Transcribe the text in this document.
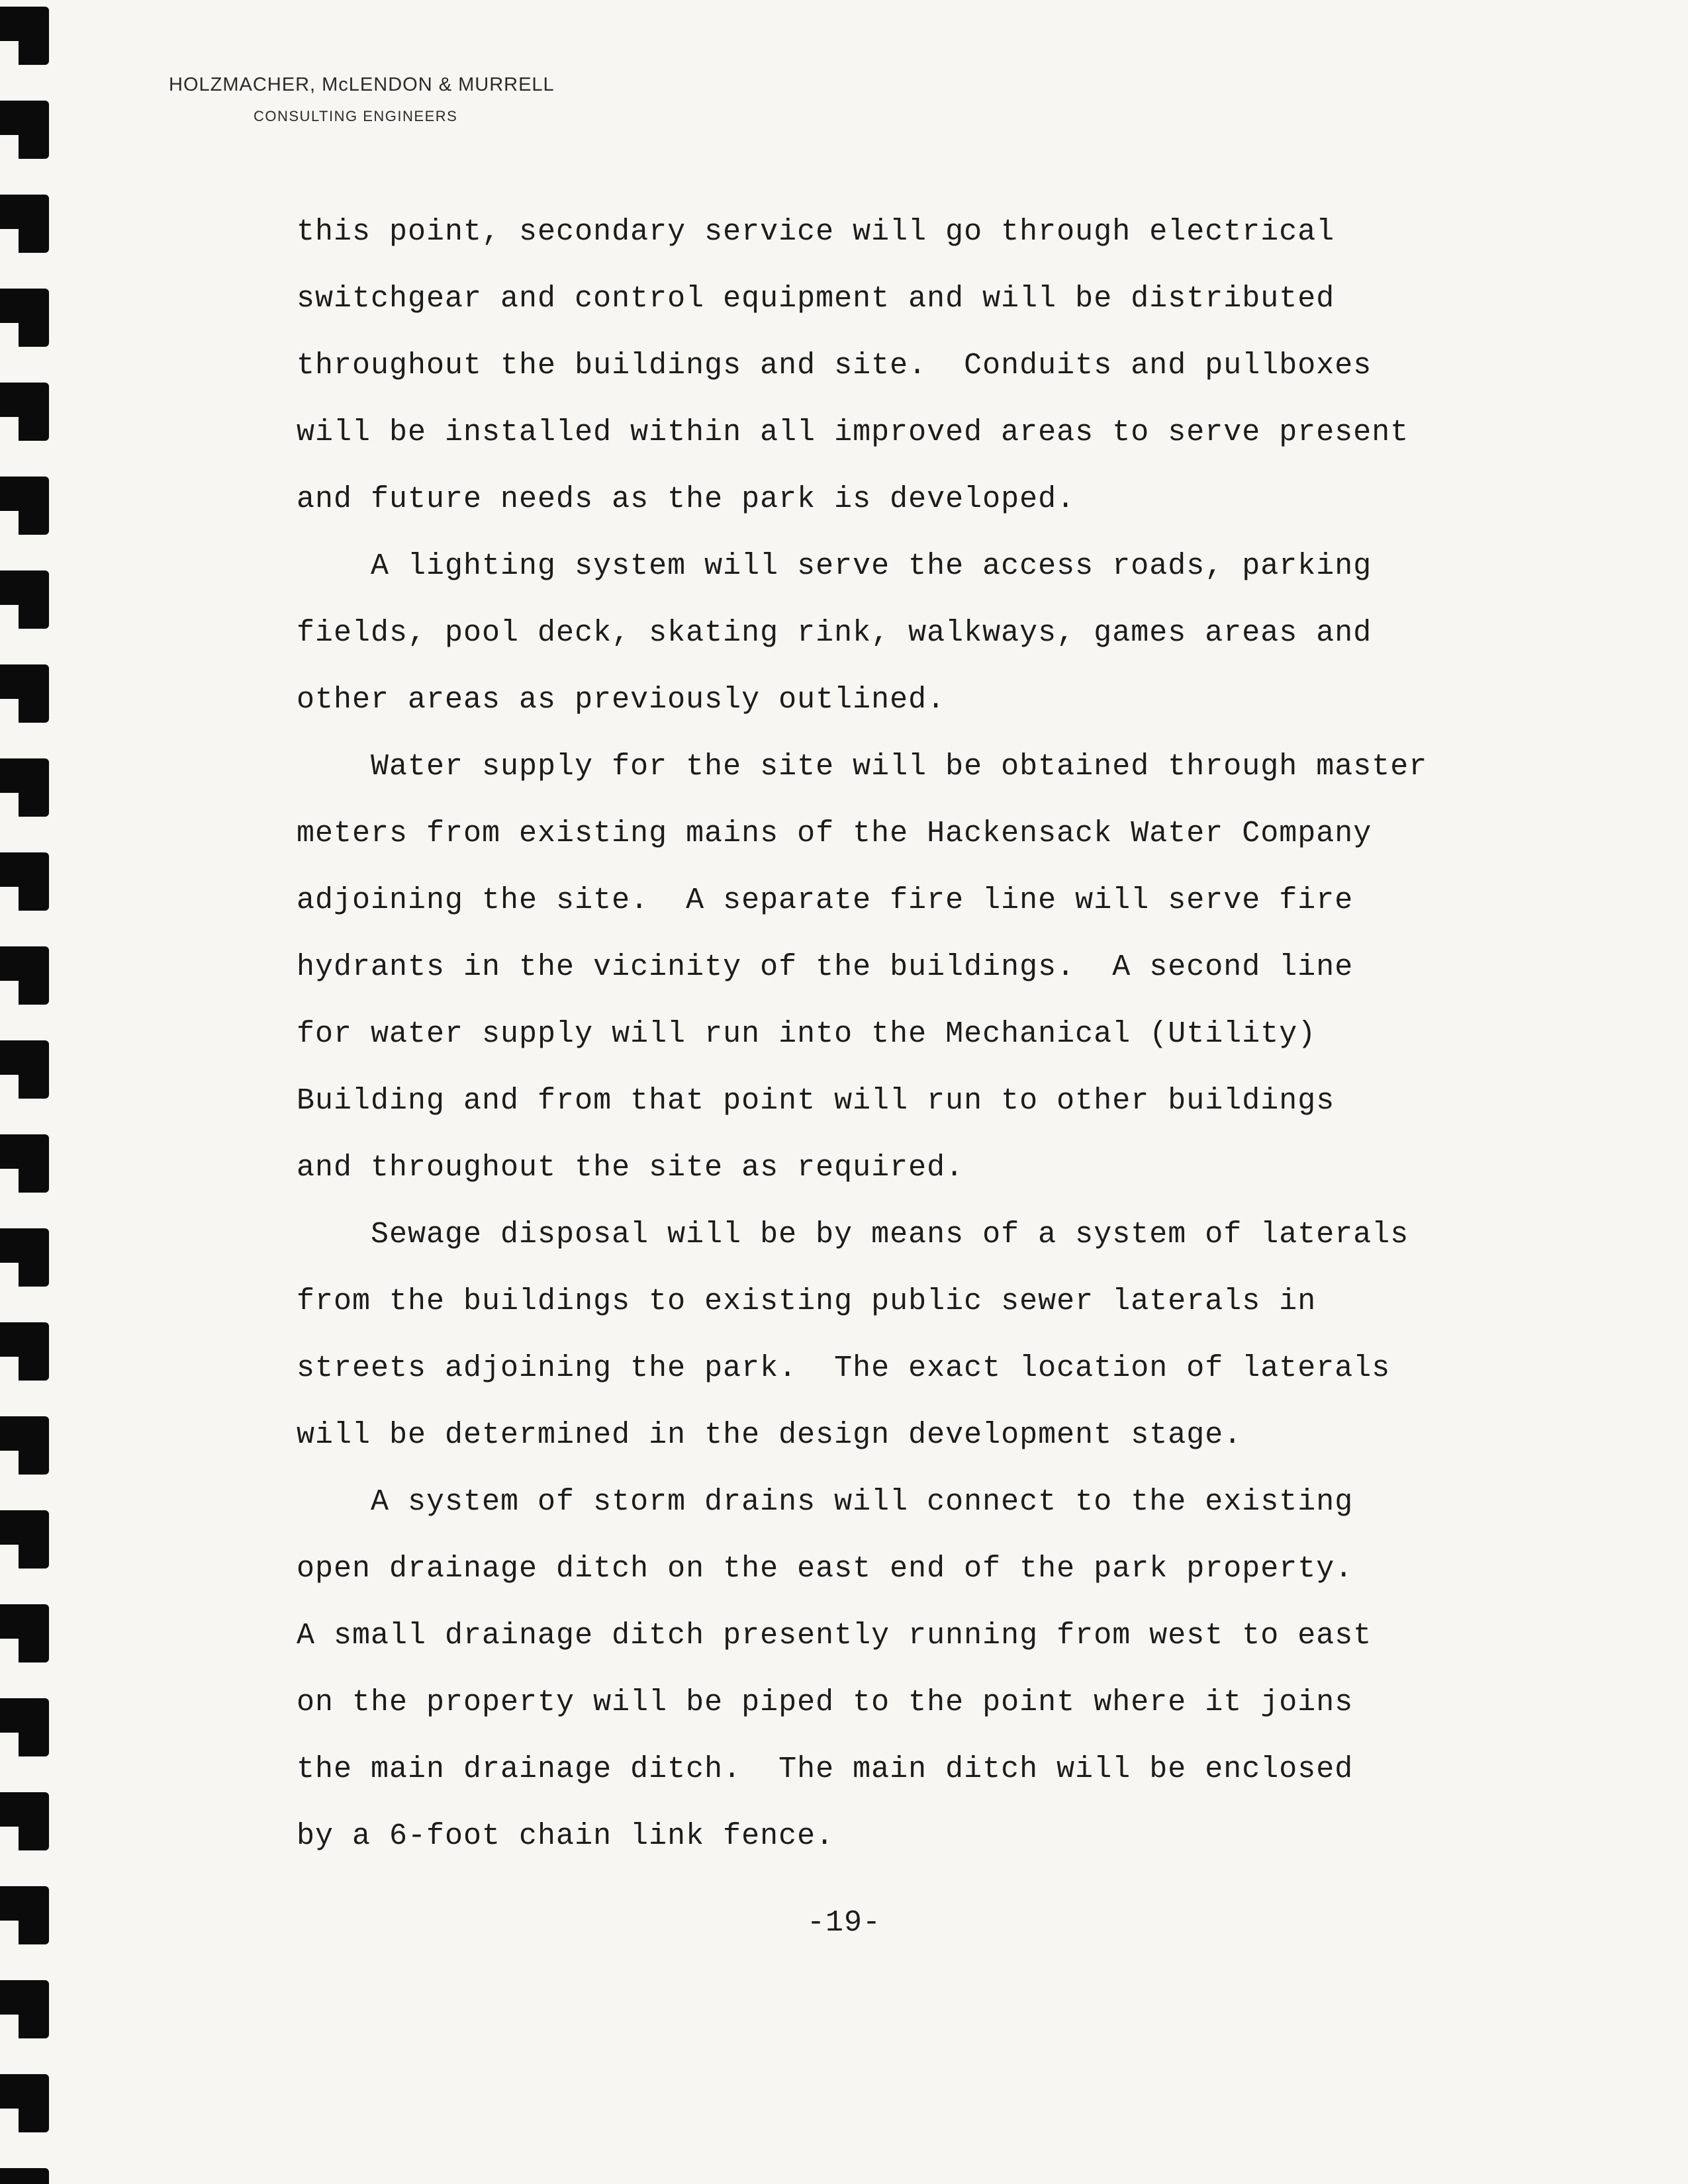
HOLZMACHER, McLENDON & MURRELL
CONSULTING ENGINEERS
this point, secondary service will go through electrical
switchgear and control equipment and will be distributed
throughout the buildings and site.  Conduits and pullboxes
will be installed within all improved areas to serve present
and future needs as the park is developed.
A lighting system will serve the access roads, parking
fields, pool deck, skating rink, walkways, games areas and
other areas as previously outlined.
Water supply for the site will be obtained through master
meters from existing mains of the Hackensack Water Company
adjoining the site.  A separate fire line will serve fire
hydrants in the vicinity of the buildings.  A second line
for water supply will run into the Mechanical (Utility)
Building and from that point will run to other buildings
and throughout the site as required.
Sewage disposal will be by means of a system of laterals
from the buildings to existing public sewer laterals in
streets adjoining the park.  The exact location of laterals
will be determined in the design development stage.
A system of storm drains will connect to the existing
open drainage ditch on the east end of the park property.
A small drainage ditch presently running from west to east
on the property will be piped to the point where it joins
the main drainage ditch.  The main ditch will be enclosed
by a 6-foot chain link fence.
-19-
